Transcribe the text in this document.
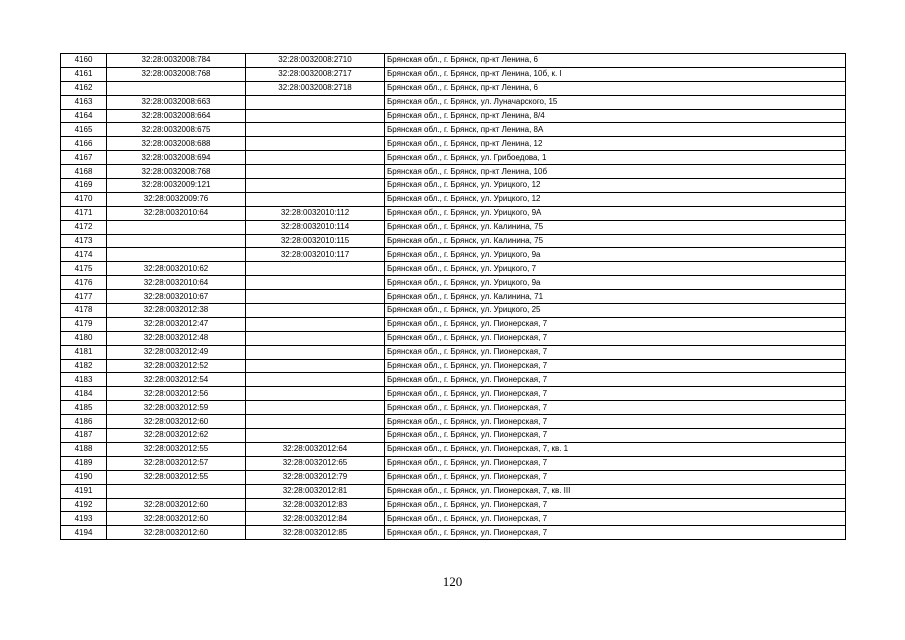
4160	32:28:0032008:784	32:28:0032008:2710	Брянская обл., г. Брянск, пр-кт Ленина, 6
4161	32:28:0032008:768	32:28:0032008:2717	Брянская обл., г. Брянск, пр-кт Ленина, 10б, к. I
4162		32:28:0032008:2718	Брянская обл., г. Брянск, пр-кт Ленина, 6
4163	32:28:0032008:663		Брянская обл., г. Брянск, ул. Луначарского, 15
4164	32:28:0032008:664		Брянская обл., г. Брянск, пр-кт Ленина, 8/4
4165	32:28:0032008:675		Брянская обл., г. Брянск, пр-кт Ленина, 8А
4166	32:28:0032008:688		Брянская обл., г. Брянск, пр-кт Ленина, 12
4167	32:28:0032008:694		Брянская обл., г. Брянск, ул. Грибоедова, 1
4168	32:28:0032008:768		Брянская обл., г. Брянск, пр-кт Ленина, 10б
4169	32:28:0032009:121		Брянская обл., г. Брянск, ул. Урицкого, 12
4170	32:28:0032009:76		Брянская обл., г. Брянск, ул. Урицкого, 12
4171	32:28:0032010:64	32:28:0032010:112	Брянская обл., г. Брянск, ул. Урицкого, 9А
4172		32:28:0032010:114	Брянская обл., г. Брянск, ул. Калинина, 75
4173		32:28:0032010:115	Брянская обл., г. Брянск, ул. Калинина, 75
4174		32:28:0032010:117	Брянская обл., г. Брянск, ул. Урицкого, 9а
4175	32:28:0032010:62		Брянская обл., г. Брянск, ул. Урицкого, 7
4176	32:28:0032010:64		Брянская обл., г. Брянск, ул. Урицкого, 9а
4177	32:28:0032010:67		Брянская обл., г. Брянск, ул. Калинина, 71
4178	32:28:0032012:38		Брянская обл., г. Брянск, ул. Урицкого, 25
4179	32:28:0032012:47		Брянская обл., г. Брянск, ул. Пионерская, 7
4180	32:28:0032012:48		Брянская обл., г. Брянск, ул. Пионерская, 7
4181	32:28:0032012:49		Брянская обл., г. Брянск, ул. Пионерская, 7
4182	32:28:0032012:52		Брянская обл., г. Брянск, ул. Пионерская, 7
4183	32:28:0032012:54		Брянская обл., г. Брянск, ул. Пионерская, 7
4184	32:28:0032012:56		Брянская обл., г. Брянск, ул. Пионерская, 7
4185	32:28:0032012:59		Брянская обл., г. Брянск, ул. Пионерская, 7
4186	32:28:0032012:60		Брянская обл., г. Брянск, ул. Пионерская, 7
4187	32:28:0032012:62		Брянская обл., г. Брянск, ул. Пионерская, 7
4188	32:28:0032012:55	32:28:0032012:64	Брянская обл., г. Брянск, ул. Пионерская, 7, кв. 1
4189	32:28:0032012:57	32:28:0032012:65	Брянская обл., г. Брянск, ул. Пионерская, 7
4190	32:28:0032012:55	32:28:0032012:79	Брянская обл., г. Брянск, ул. Пионерская, 7
4191		32:28:0032012:81	Брянская обл., г. Брянск, ул. Пионерская, 7, кв. III
4192	32:28:0032012:60	32:28:0032012:83	Брянская обл., г. Брянск, ул. Пионерская, 7
4193	32:28:0032012:60	32:28:0032012:84	Брянская обл., г. Брянск, ул. Пионерская, 7
4194	32:28:0032012:60	32:28:0032012:85	Брянская обл., г. Брянск, ул. Пионерская, 7
120
